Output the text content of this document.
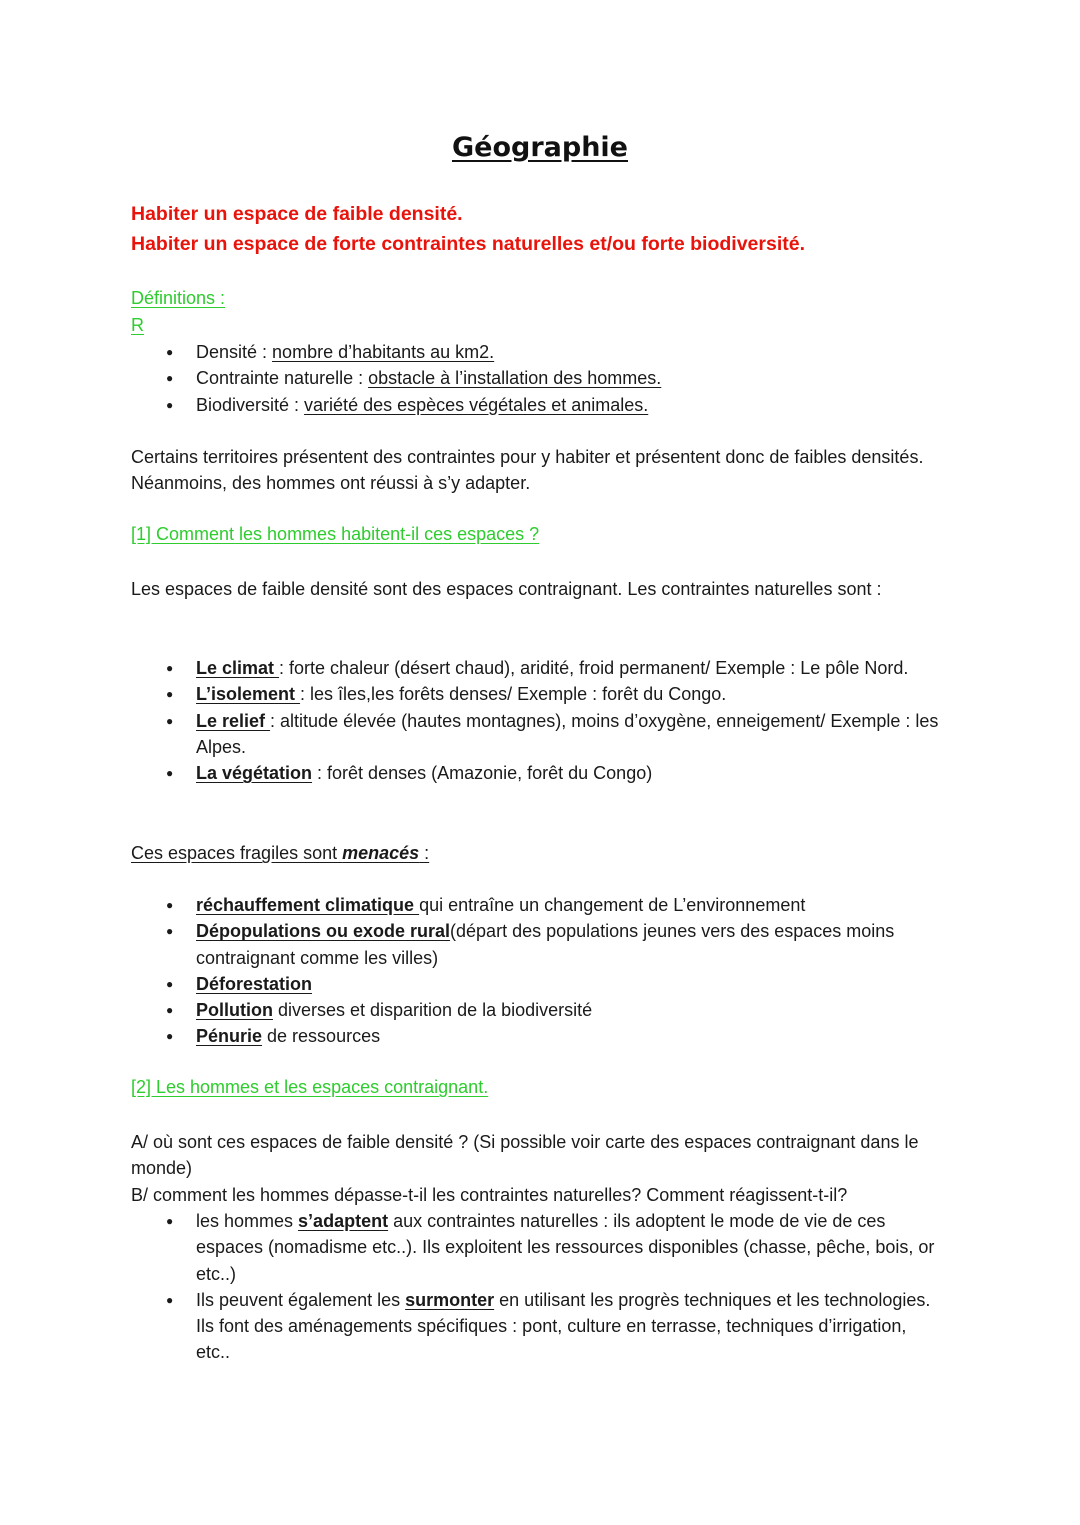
Géographie
Habiter un espace de faible densité.
Habiter un espace de forte contraintes naturelles et/ou forte biodiversité.
Définitions :
R
● Densité : nombre d’habitants au km2.
● Contrainte naturelle : obstacle à l’installation des hommes.
● Biodiversité : variété des espèces végétales et animales.

Certains territoires présentent des contraintes pour y habiter et présentent donc de faibles densités. Néanmoins, des hommes ont réussi à s’y adapter.

[1] Comment les hommes habitent-il ces espaces ?

Les espaces de faible densité sont des espaces contraignant. Les contraintes naturelles sont :

● Le climat : forte chaleur (désert chaud), aridité, froid permanent/ Exemple : Le pôle Nord.
● L’isolement : les îles,les forêts denses/ Exemple : forêt du Congo.
● Le relief : altitude élevée (hautes montagnes), moins d’oxygène, enneigement/ Exemple : les Alpes.
● La végétation : forêt denses (Amazonie, forêt du Congo)
Ces espaces fragiles sont menacés :
● réchauffement climatique qui entraîne un changement de L’environnement
● Dépopulations ou exode rural(départ des populations jeunes vers des espaces moins contraignant comme les villes)
● Déforestation
● Pollution diverses et disparition de la biodiversité
● Pénurie de ressources
[2] Les hommes et les espaces contraignant.

A/ où sont ces espaces de faible densité ? (Si possible voir carte des espaces contraignant dans le monde)

B/ comment les hommes dépasse-t-il les contraintes naturelles? Comment réagissent-t-il?

● les hommes s’adaptent aux contraintes naturelles : ils adoptent le mode de vie de ces espaces (nomadisme etc..). Ils exploitent les ressources disponibles (chasse, pêche, bois, or etc..)
● Ils peuvent également les surmonter en utilisant les progrès techniques et les technologies. Ils font des aménagements spécifiques : pont, culture en terrasse, techniques d’irrigation, etc..
